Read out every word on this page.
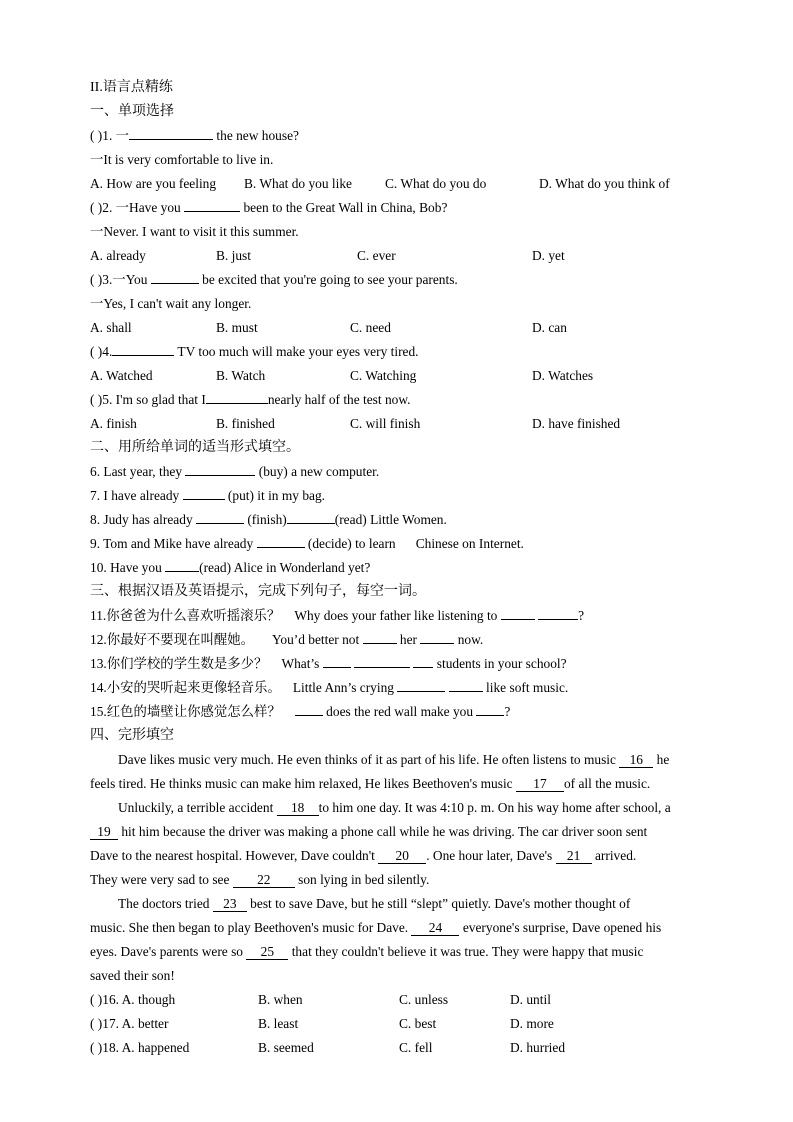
II.语言点精练
一、单项选择
( )1. 一	the new house?
一It is very comfortable to live in.
A. How are you feeling B. What do you like C. What do you do	D. What do you think of
( )2. 一Have you	been to the Great Wall in China, Bob?
一Never. I want to visit it this summer.
A. already	B. just	C. ever	D. yet
( )3.一You	be excited that you're going to see your parents.
一Yes, I can't wait any longer.
A. shall	B. must	C. need	D. can
( )4.	TV too much will make your eyes very tired.
A. Watched	B. Watch	C. Watching	D. Watches
( )5. I'm so glad that I	nearly half of the test now.
A. finish	B. finished	C. will finish	D. have finished
二、用所给单词的适当形式填空。
6. Last year, they	(buy) a new computer.
7. I have already	(put) it in my bag.
8. Judy has already	(finish)	(read) Little Women.
9. Tom and Mike have already	(decide) to learn      Chinese on Internet.
10. Have you	(read) Alice in Wonderland yet?
三、根据汉语及英语提示，完成下列句子，每空一词。
11.你爸爸为什么喜欢听摇滚乐？ Why does your father like listening to	?
12.你最好不要现在叫醒她。 You’d better not	her	now.
13.你们学校的学生数是多少？ What’s	students in your school?
14.小安的哭听起来更像轻音乐。 Little Ann’s crying	like soft music.
15.红色的墙壁让你感觉怎么样？	does the red wall make you ?
四、完形填空
Dave likes music very much. He even thinks of it as part of his life. He often listens to music 16 he
feels tired. He thinks music can make him relaxed, He likes Beethoven's music 17 of all the music.
Unluckily, a terrible accident 18 to him one day. It was 4:10 p. m. On his way home after school, a
19 hit him because the driver was making a phone call while he was driving. The car driver soon sent
Dave to the nearest hospital. However, Dave couldn't 20 . One hour later, Dave's 21 arrived.
They were very sad to see 22 son lying in bed silently.
The doctors tried 23 best to save Dave, but he still “slept” quietly. Dave's mother thought of
music. She then began to play Beethoven's music for Dave. 24 everyone's surprise, Dave opened his
eyes. Dave's parents were so 25 that they couldn't believe it was true. They were happy that music
saved their son!
( )16. A. though	B. when	C. unless	D. until
( )17. A. better	B. least	C. best	D. more
( )18. A. happened	B. seemed	C. fell	D. hurried
